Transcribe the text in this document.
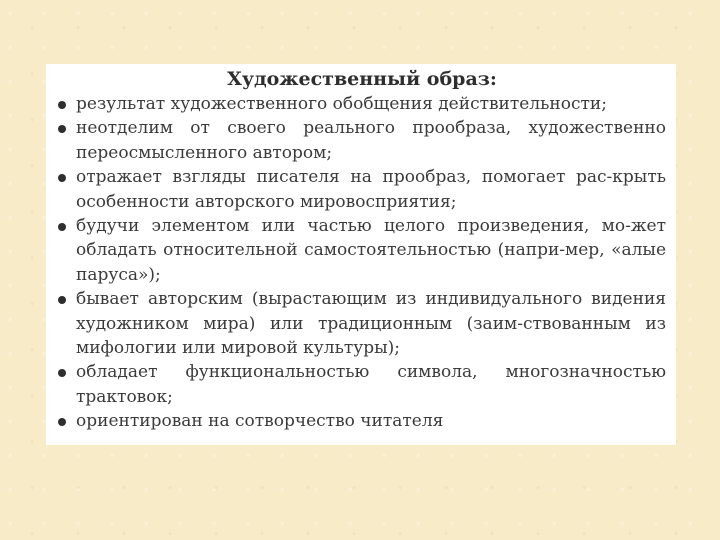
Художественный образ:
результат художественного обобщения действительности;
неотделим от своего реального прообраза, художественно переосмысленного автором;
отражает взгляды писателя на прообраз, помогает рас-крыть особенности авторского мировосприятия;
будучи элементом или частью целого произведения, мо-жет обладать относительной самостоятельностью (напри-мер, «алые паруса»);
бывает авторским (вырастающим из индивидуального видения художником мира) или традиционным (заим-ствованным из мифологии или мировой культуры);
обладает функциональностью символа, многозначностью трактовок;
ориентирован на сотворчество читателя
